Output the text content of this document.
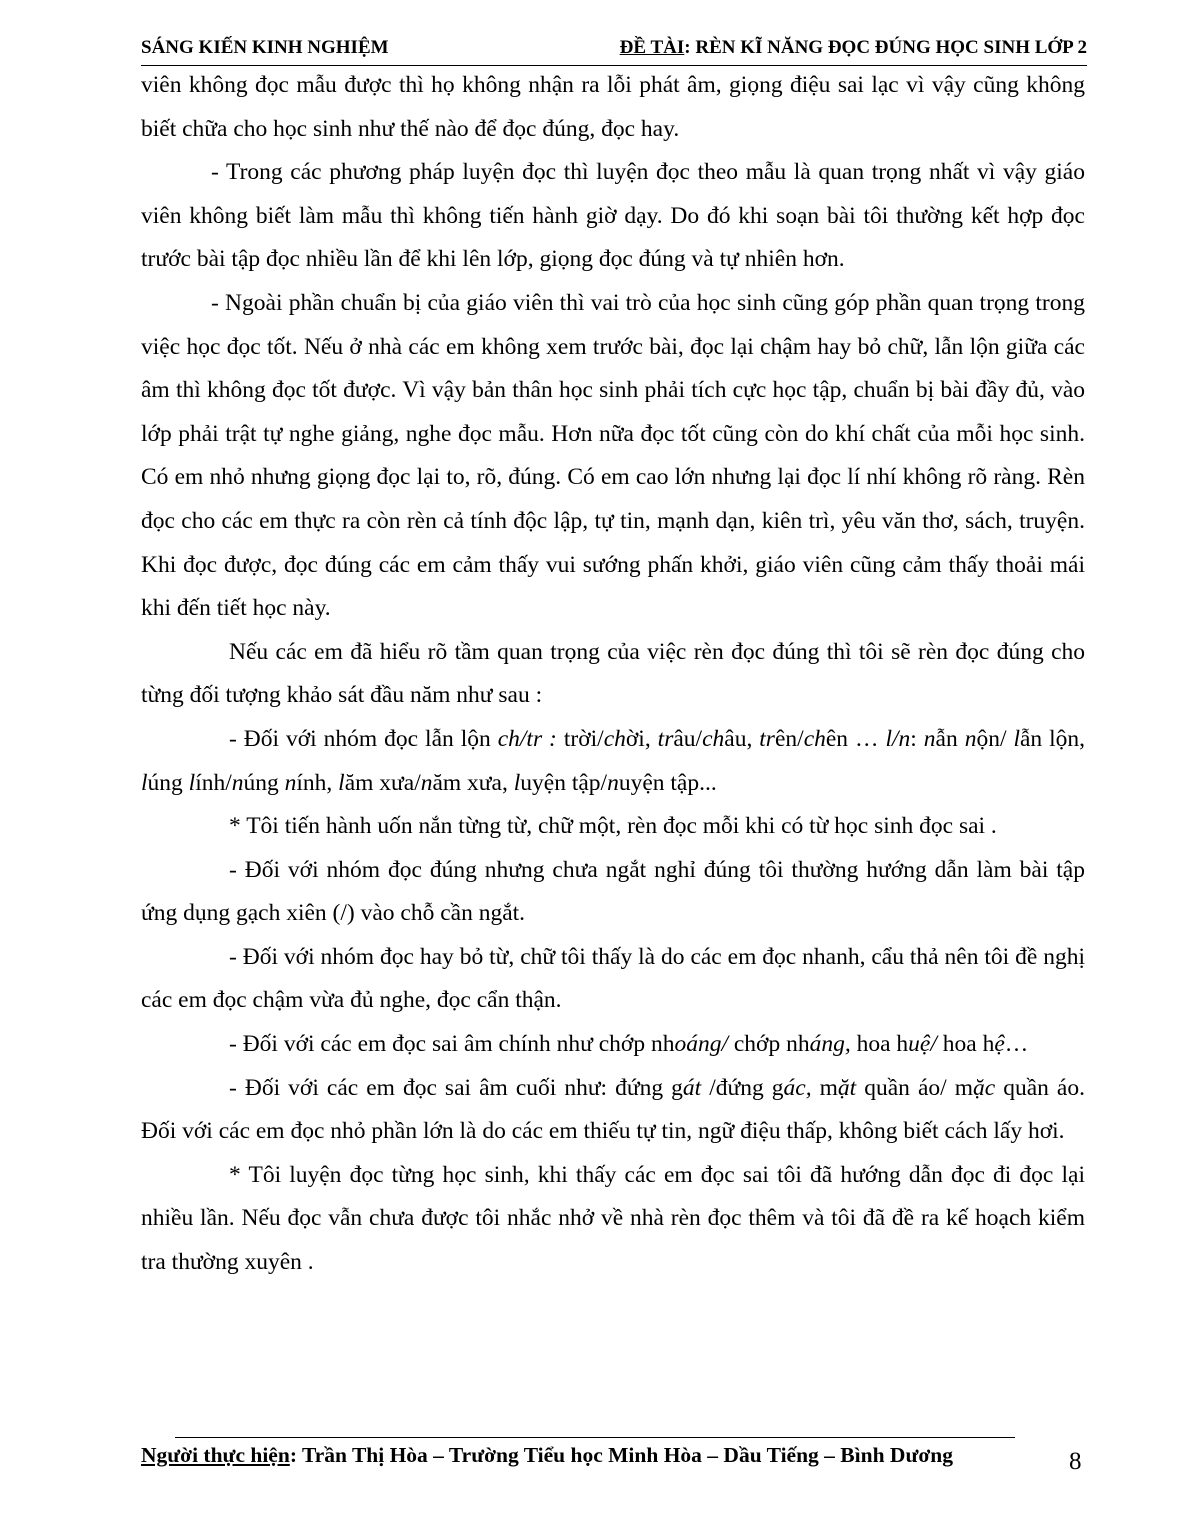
SÁNG KIẾN KINH NGHIỆM	ĐỀ TÀI: RÈN KĨ NĂNG ĐỌC ĐÚNG HỌC SINH LỚP 2

viên không đọc mẫu được thì họ không nhận ra lỗi phát âm, giọng điệu sai lạc vì vậy cũng không biết chữa cho học sinh như thế nào để đọc đúng, đọc hay.

- Trong các phương pháp luyện đọc thì luyện đọc theo mẫu là quan trọng nhất vì vậy giáo viên không biết làm mẫu thì không tiến hành giờ dạy. Do đó khi soạn bài tôi thường kết hợp đọc trước bài tập đọc nhiều lần để khi lên lớp, giọng đọc đúng và tự nhiên hơn.

- Ngoài phần chuẩn bị của giáo viên thì vai trò của học sinh cũng góp phần quan trọng trong việc học đọc tốt. Nếu ở nhà các em không xem trước bài, đọc lại chậm hay bỏ chữ, lẫn lộn giữa các âm thì không đọc tốt được. Vì vậy bản thân học sinh phải tích cực học tập, chuẩn bị bài đầy đủ, vào lớp phải trật tự nghe giảng, nghe đọc mẫu. Hơn nữa đọc tốt cũng còn do khí chất của mỗi học sinh. Có em nhỏ nhưng giọng đọc lại to, rõ, đúng. Có em cao lớn nhưng lại đọc lí nhí không rõ ràng. Rèn đọc cho các em thực ra còn rèn cả tính độc lập, tự tin, mạnh dạn, kiên trì, yêu văn thơ, sách, truyện. Khi đọc được, đọc đúng các em cảm thấy vui sướng phấn khởi, giáo viên cũng cảm thấy thoải mái khi đến tiết học này.

Nếu các em đã hiểu rõ tầm quan trọng của việc rèn đọc đúng thì tôi sẽ rèn đọc đúng cho từng đối tượng khảo sát đầu năm như sau :

- Đối với nhóm đọc lẫn lộn ch/tr : trời/chời, trâu/châu, trên/chên … l/n: nẫn nộn/ lẫn lộn, lúng lính/núng nính, lăm xưa/năm xưa, luyện tập/nuyện tập...

* Tôi tiến hành uốn nắn từng từ, chữ một, rèn đọc mỗi khi có từ học sinh đọc sai .

- Đối với nhóm đọc đúng nhưng chưa ngắt nghỉ đúng tôi thường hướng dẫn làm bài tập ứng dụng gạch xiên (/) vào chỗ cần ngắt.

- Đối với nhóm đọc hay bỏ từ, chữ tôi thấy là do các em đọc nhanh, cẩu thả nên tôi đề nghị các em đọc chậm vừa đủ nghe, đọc cẩn thận.

- Đối với các em đọc sai âm chính như chớp nhoáng/ chớp nháng, hoa huệ/ hoa hệ…

- Đối với các em đọc sai âm cuối như: đứng gát /đứng gác, mặt quần áo/ mặc quần áo. Đối với các em đọc nhỏ phần lớn là do các em thiếu tự tin, ngữ điệu thấp, không biết cách lấy hơi.

* Tôi luyện đọc từng học sinh, khi thấy các em đọc sai tôi đã hướng dẫn đọc đi đọc lại nhiều lần. Nếu đọc vẫn chưa được tôi nhắc nhở về nhà rèn đọc thêm và tôi đã đề ra kế hoạch kiểm tra thường xuyên .

Người thực hiện: Trần Thị Hòa – Trường Tiểu học Minh Hòa – Dầu Tiếng – Bình Dương	8
